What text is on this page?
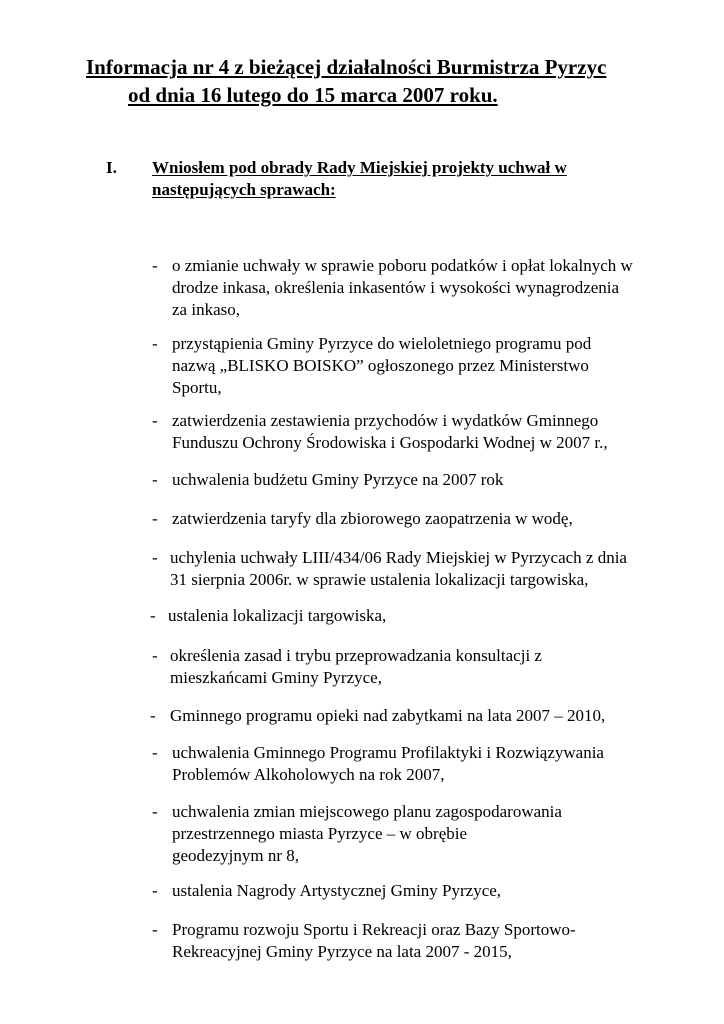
Informacja nr 4 z bieżącej działalności Burmistrza Pyrzyc
od dnia 16 lutego do 15 marca 2007 roku.
I. Wniosłem pod obrady Rady Miejskiej projekty uchwał w
następujących sprawach:
- o zmianie uchwały w sprawie poboru podatków i opłat lokalnych w
drodze inkasa, określenia inkasentów i wysokości wynagrodzenia
za inkaso,
- przystąpienia Gminy Pyrzyce do wieloletniego programu pod
nazwą „BLISKO BOISKO” ogłoszonego przez Ministerstwo
Sportu,
- zatwierdzenia zestawienia przychodów i wydatków Gminnego
Funduszu Ochrony Środowiska i Gospodarki Wodnej w 2007 r.,
- uchwalenia budżetu Gminy Pyrzyce na 2007 rok
- zatwierdzenia taryfy dla zbiorowego zaopatrzenia w wodę,
- uchylenia uchwały LIII/434/06 Rady Miejskiej w Pyrzycach z dnia
31 sierpnia 2006r. w sprawie ustalenia lokalizacji targowiska,
- ustalenia lokalizacji targowiska,
- określenia zasad i trybu przeprowadzania konsultacji z
mieszkańcami Gminy Pyrzyce,
- Gminnego programu opieki nad zabytkami na lata 2007 – 2010,
- uchwalenia Gminnego Programu Profilaktyki i Rozwiązywania
Problemów Alkoholowych na rok 2007,
- uchwalenia zmian miejscowego planu zagospodarowania
przestrzennego miasta Pyrzyce – w obrębie
geodezyjnym nr 8,
- ustalenia Nagrody Artystycznej Gminy Pyrzyce,
- Programu rozwoju Sportu i Rekreacji oraz Bazy Sportowo-
Rekreacyjnej Gminy Pyrzyce na lata 2007 - 2015,
